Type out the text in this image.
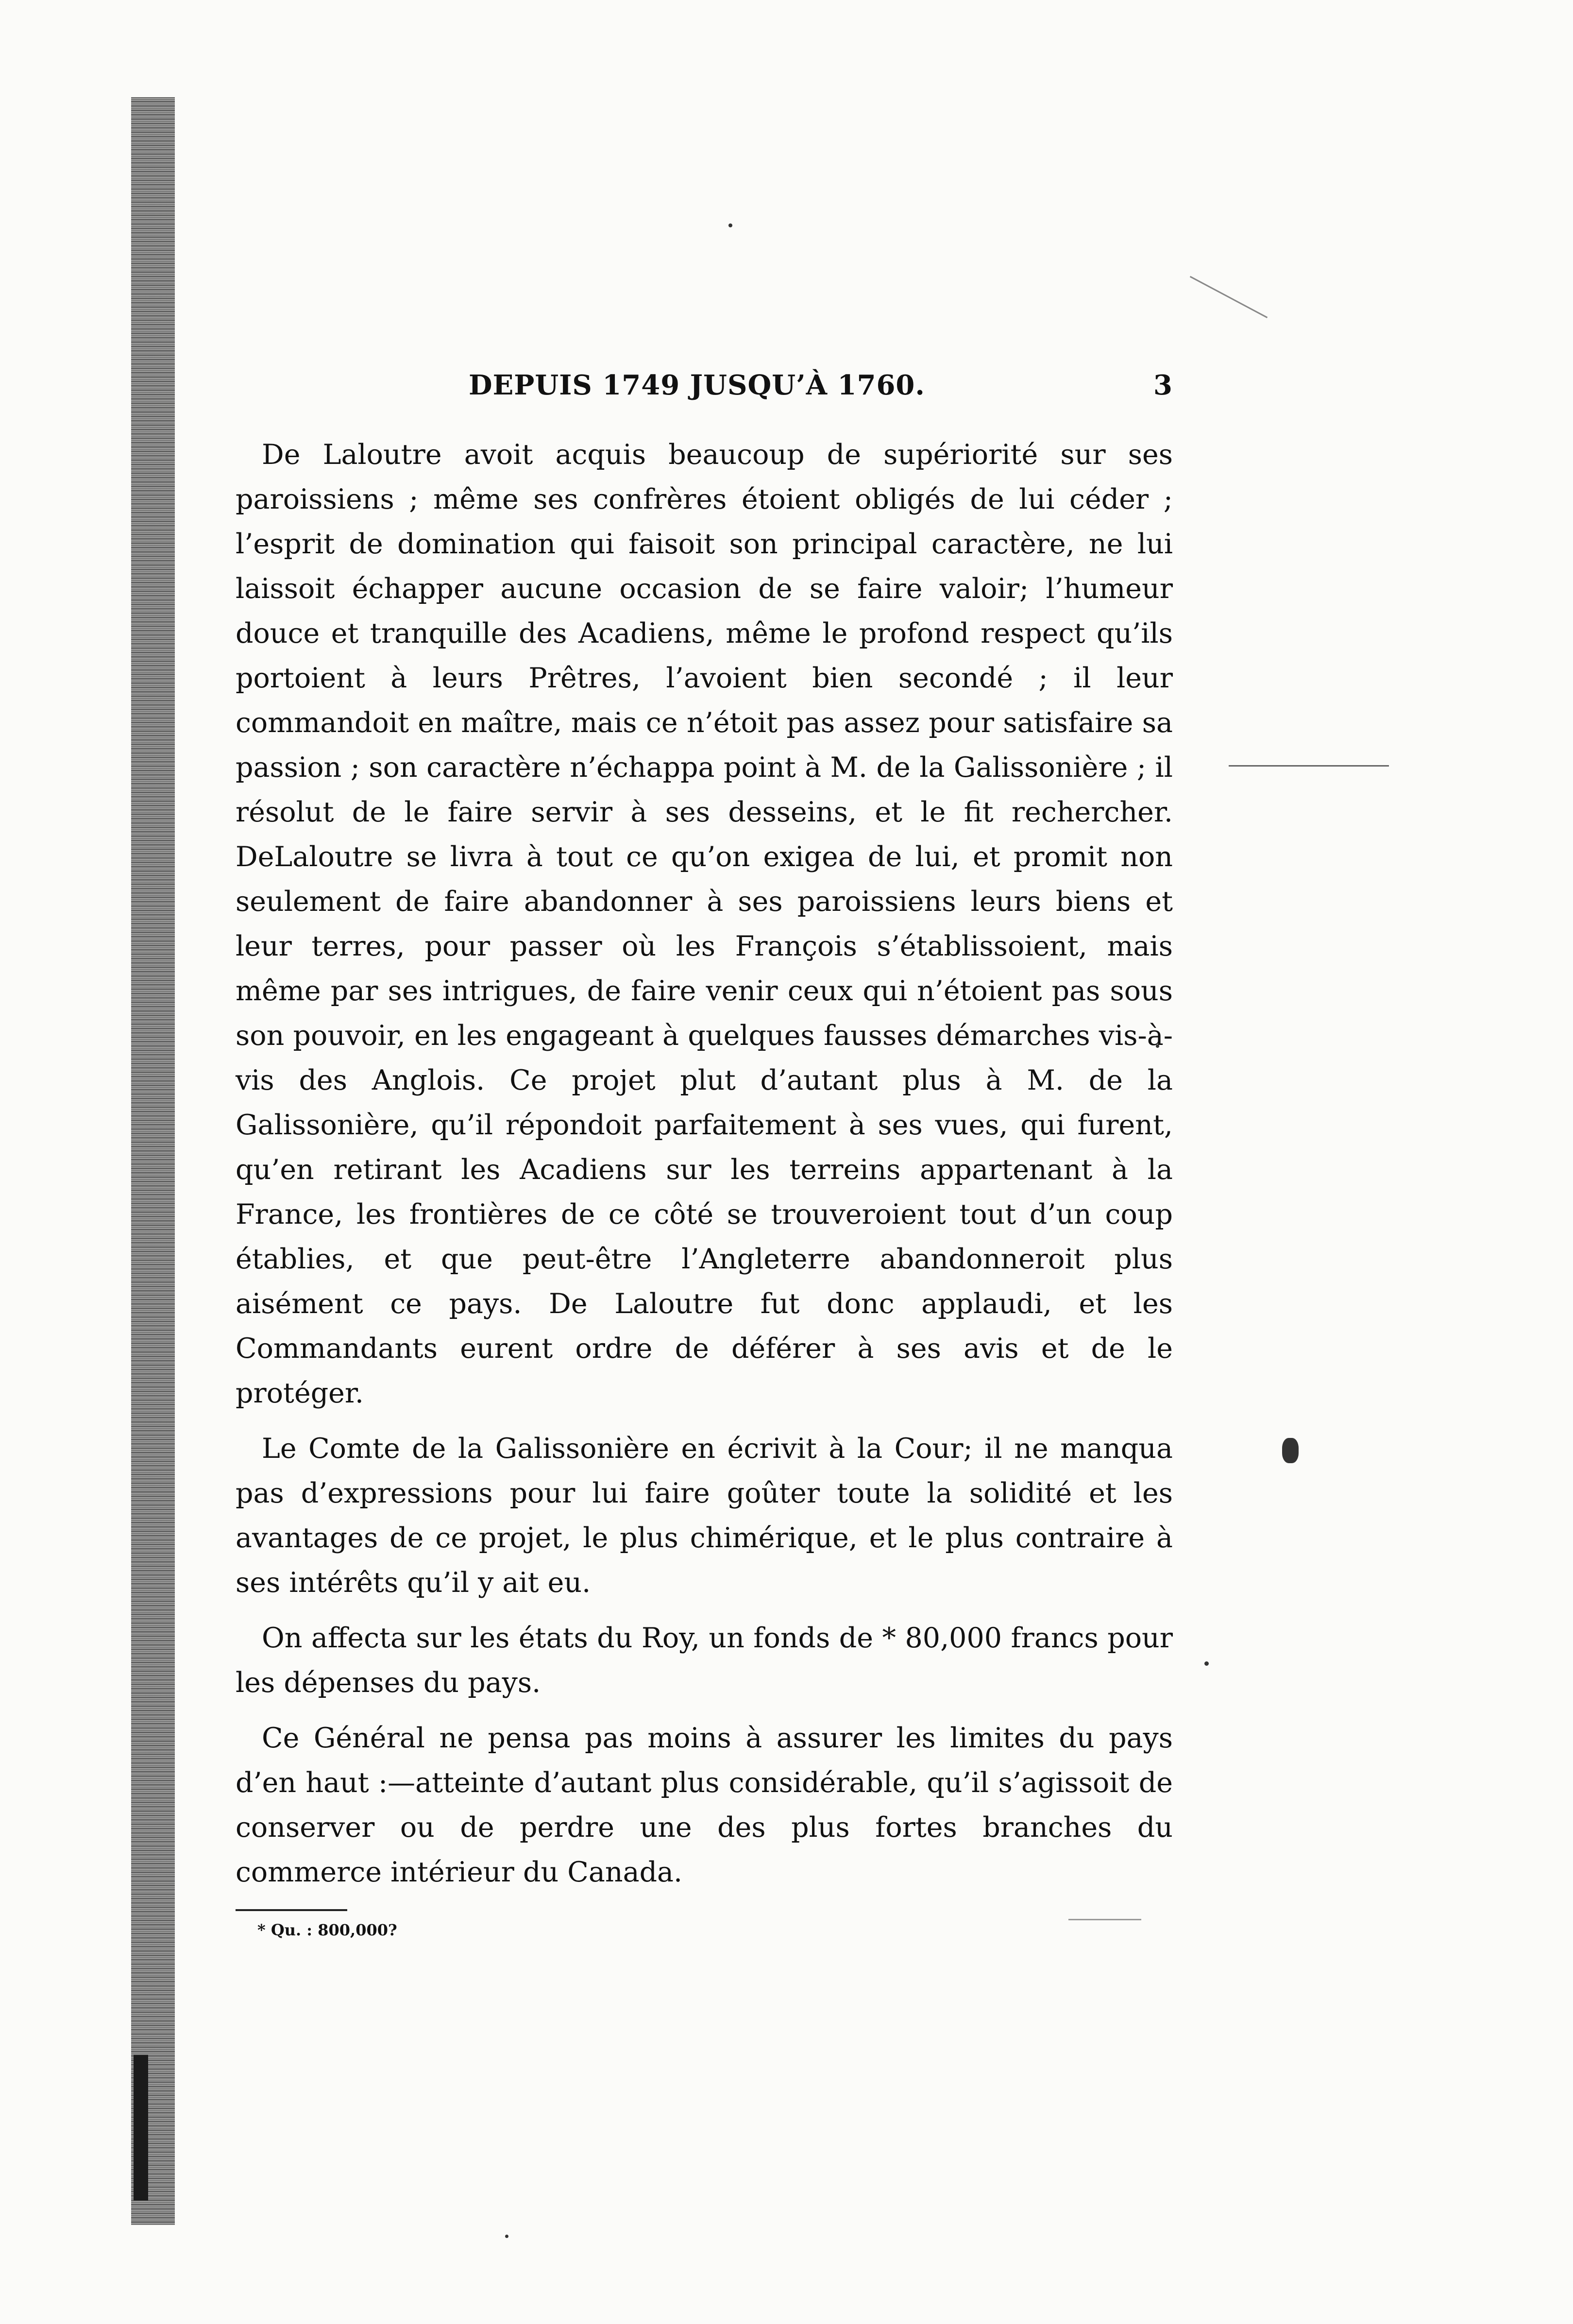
DEPUIS 1749 JUSQU’À 1760.	3

De Laloutre avoit acquis beaucoup de supériorité sur ses paroissiens ; même ses confrères étoient obligés de lui céder ; l’esprit de domination qui faisoit son principal caractère, ne lui laissoit échapper aucune occasion de se faire valoir; l’humeur douce et tranquille des Acadiens, même le profond respect qu’ils portoient à leurs Prêtres, l’avoient bien secondé ; il leur commandoit en maître, mais ce n’étoit pas assez pour satisfaire sa passion ; son caractère n’échappa point à M. de la Galissonière ; il résolut de le faire servir à ses desseins, et le fit rechercher. DeLaloutre se livra à tout ce qu’on exigea de lui, et promit non seulement de faire abandonner à ses paroissiens leurs biens et leur terres, pour passer où les François s’établissoient, mais même par ses intrigues, de faire venir ceux qui n’étoient pas sous son pouvoir, en les engageant à quelques fausses démarches vis-à-vis des Anglois. Ce projet plut d’autant plus à M. de la Galissonière, qu’il répondoit parfaitement à ses vues, qui furent, qu’en retirant les Acadiens sur les terreins appartenant à la France, les frontières de ce côté se trouveroient tout d’un coup établies, et que peut-être l’Angleterre abandonneroit plus aisément ce pays. De Laloutre fut donc applaudi, et les Commandants eurent ordre de déférer à ses avis et de le protéger.

Le Comte de la Galissonière en écrivit à la Cour; il ne manqua pas d’expressions pour lui faire goûter toute la solidité et les avantages de ce projet, le plus chimérique, et le plus contraire à ses intérêts qu’il y ait eu.

On affecta sur les états du Roy, un fonds de * 80,000 francs pour les dépenses du pays.

Ce Général ne pensa pas moins à assurer les limites du pays d’en haut :—atteinte d’autant plus considérable, qu’il s’agissoit de conserver ou de perdre une des plus fortes branches du commerce intérieur du Canada.

* Qu. : 800,000?
